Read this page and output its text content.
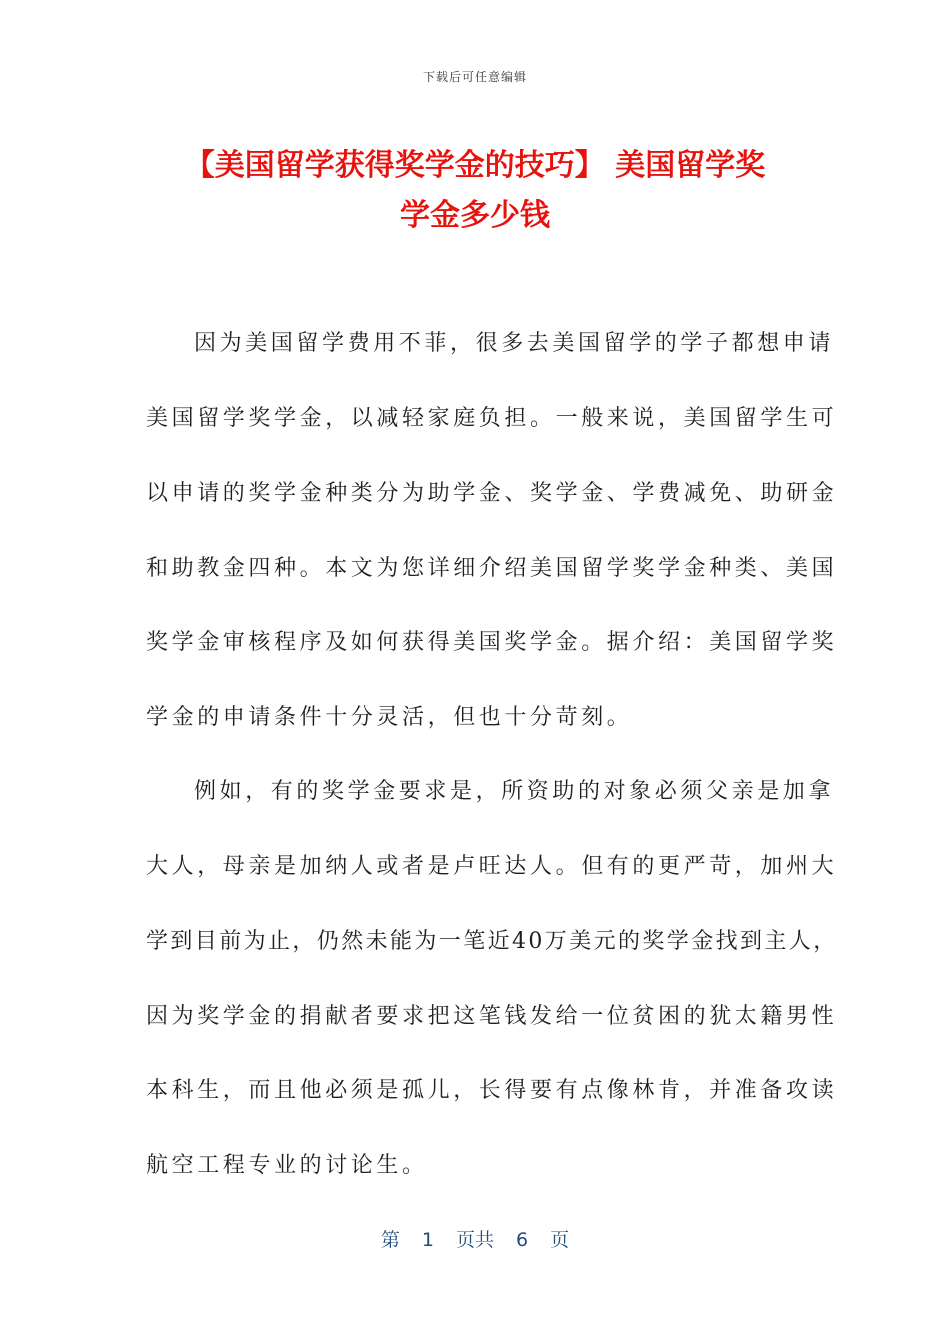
下载后可任意编辑
【美国留学获得奖学金的技巧】 美国留学奖
学金多少钱
因为美国留学费用不菲，很多去美国留学的学子都想申请
美国留学奖学金，以减轻家庭负担。一般来说，美国留学生可
以申请的奖学金种类分为助学金、奖学金、学费减免、助研金
和助教金四种。本文为您详细介绍美国留学奖学金种类、美国
奖学金审核程序及如何获得美国奖学金。据介绍：美国留学奖
学金的申请条件十分灵活，但也十分苛刻。
例如，有的奖学金要求是，所资助的对象必须父亲是加拿
大人，母亲是加纳人或者是卢旺达人。但有的更严苛，加州大
学到目前为止，仍然未能为一笔近40万美元的奖学金找到主人，
因为奖学金的捐献者要求把这笔钱发给一位贫困的犹太籍男性
本科生，而且他必须是孤儿，长得要有点像林肯，并准备攻读
航空工程专业的讨论生。
第 1 页共 6 页
